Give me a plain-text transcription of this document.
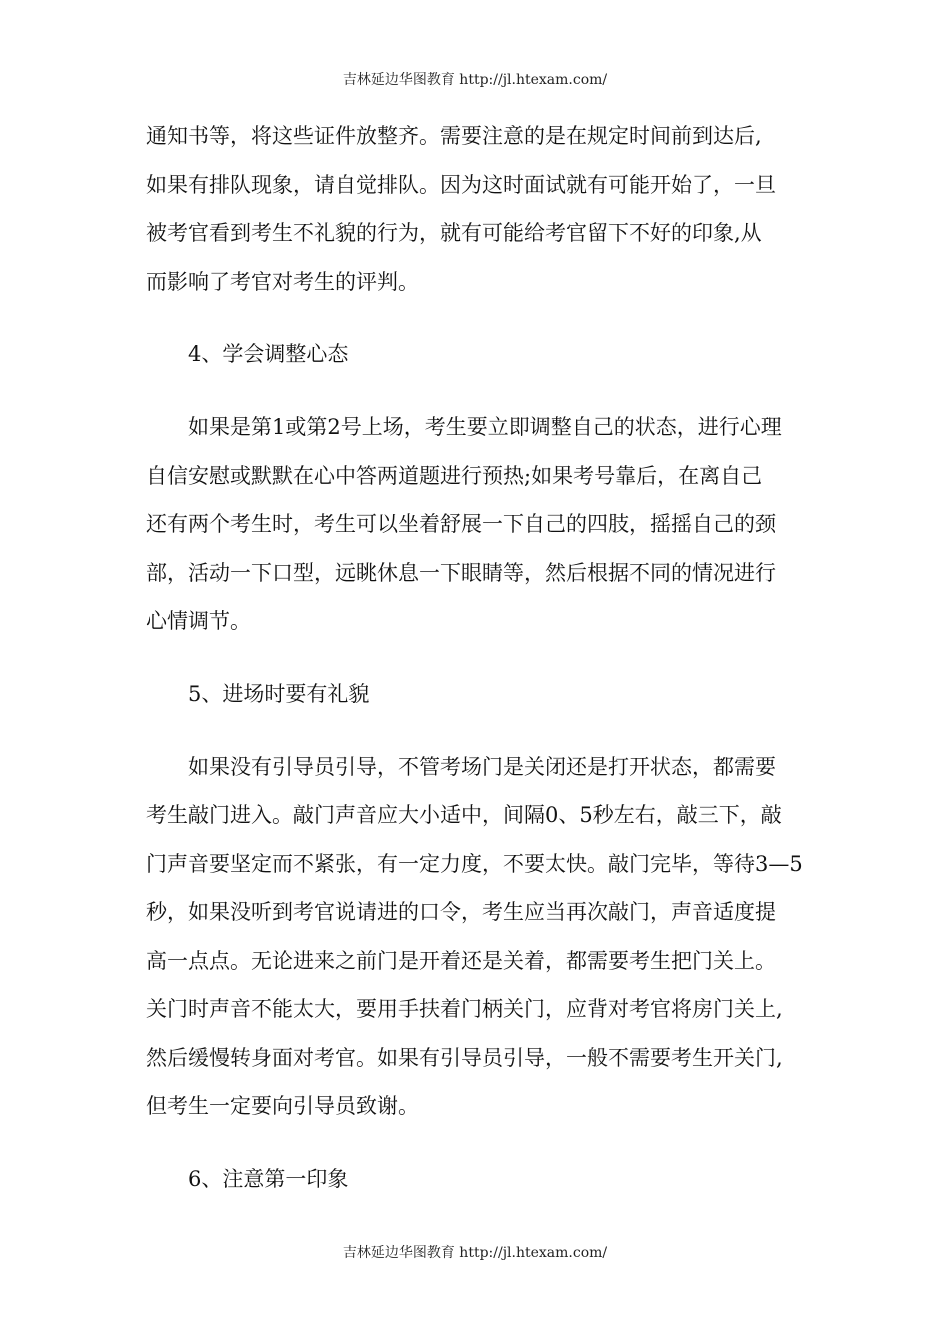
吉林延边华图教育 http://jl.htexam.com/

通知书等，将这些证件放整齐。需要注意的是在规定时间前到达后,
如果有排队现象，请自觉排队。因为这时面试就有可能开始了，一旦
被考官看到考生不礼貌的行为，就有可能给考官留下不好的印象,从
而影响了考官对考生的评判。

4、学会调整心态

如果是第1或第2号上场，考生要立即调整自己的状态，进行心理
自信安慰或默默在心中答两道题进行预热;如果考号靠后，在离自己
还有两个考生时，考生可以坐着舒展一下自己的四肢，摇摇自己的颈
部，活动一下口型，远眺休息一下眼睛等，然后根据不同的情况进行
心情调节。

5、进场时要有礼貌

如果没有引导员引导，不管考场门是关闭还是打开状态，都需要
考生敲门进入。敲门声音应大小适中，间隔0、5秒左右，敲三下，敲
门声音要坚定而不紧张，有一定力度，不要太快。敲门完毕，等待3—5
秒，如果没听到考官说请进的口令，考生应当再次敲门，声音适度提
高一点点。无论进来之前门是开着还是关着，都需要考生把门关上。
关门时声音不能太大，要用手扶着门柄关门，应背对考官将房门关上,
然后缓慢转身面对考官。如果有引导员引导，一般不需要考生开关门,
但考生一定要向引导员致谢。

6、注意第一印象

吉林延边华图教育 http://jl.htexam.com/
